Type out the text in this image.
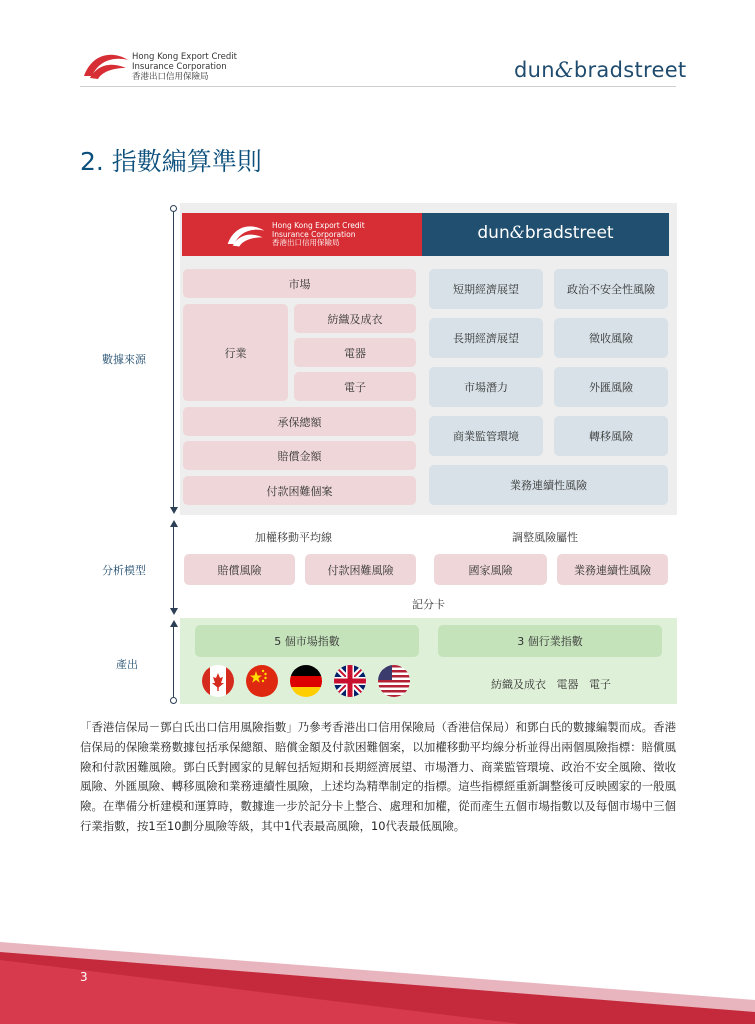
Hong Kong Export Credit
Insurance Corporation
香港出口信用保險局	dun&bradstreet
2. 指數編算準則
Hong Kong Export Credit
Insurance Corporation
香港出口信用保險局	dun&bradstreet
市場
行業
紡織及成衣
電器
電子
承保總額
賠償金額
付款困難個案
短期經濟展望	政治不安全性風險
長期經濟展望	徵收風險
市場潛力	外匯風險
商業監管環境	轉移風險
業務連續性風險
數據來源
分析模型
產出
加權移動平均線	調整風險屬性
賠償風險	付款困難風險	國家風險	業務連續性風險
記分卡
5 個市場指數	3 個行業指數
紡織及成衣   電器   電子
「香港信保局－鄧白氏出口信用風險指數」乃參考香港出口信用保險局（香港信保局）和鄧白氏的數據編製而成。香港信保局的保險業務數據包括承保總額、賠償金額及付款困難個案，以加權移動平均線分析並得出兩個風險指標：賠償風險和付款困難風險。鄧白氏對國家的見解包括短期和長期經濟展望、市場潛力、商業監管環境、政治不安全風險、徵收風險、外匯風險、轉移風險和業務連續性風險，上述均為精準制定的指標。這些指標經重新調整後可反映國家的一般風險。在準備分析建模和運算時，數據進一步於記分卡上整合、處理和加權，從而產生五個市場指數以及每個市場中三個行業指數，按1至10劃分風險等級，其中1代表最高風險，10代表最低風險。
3
